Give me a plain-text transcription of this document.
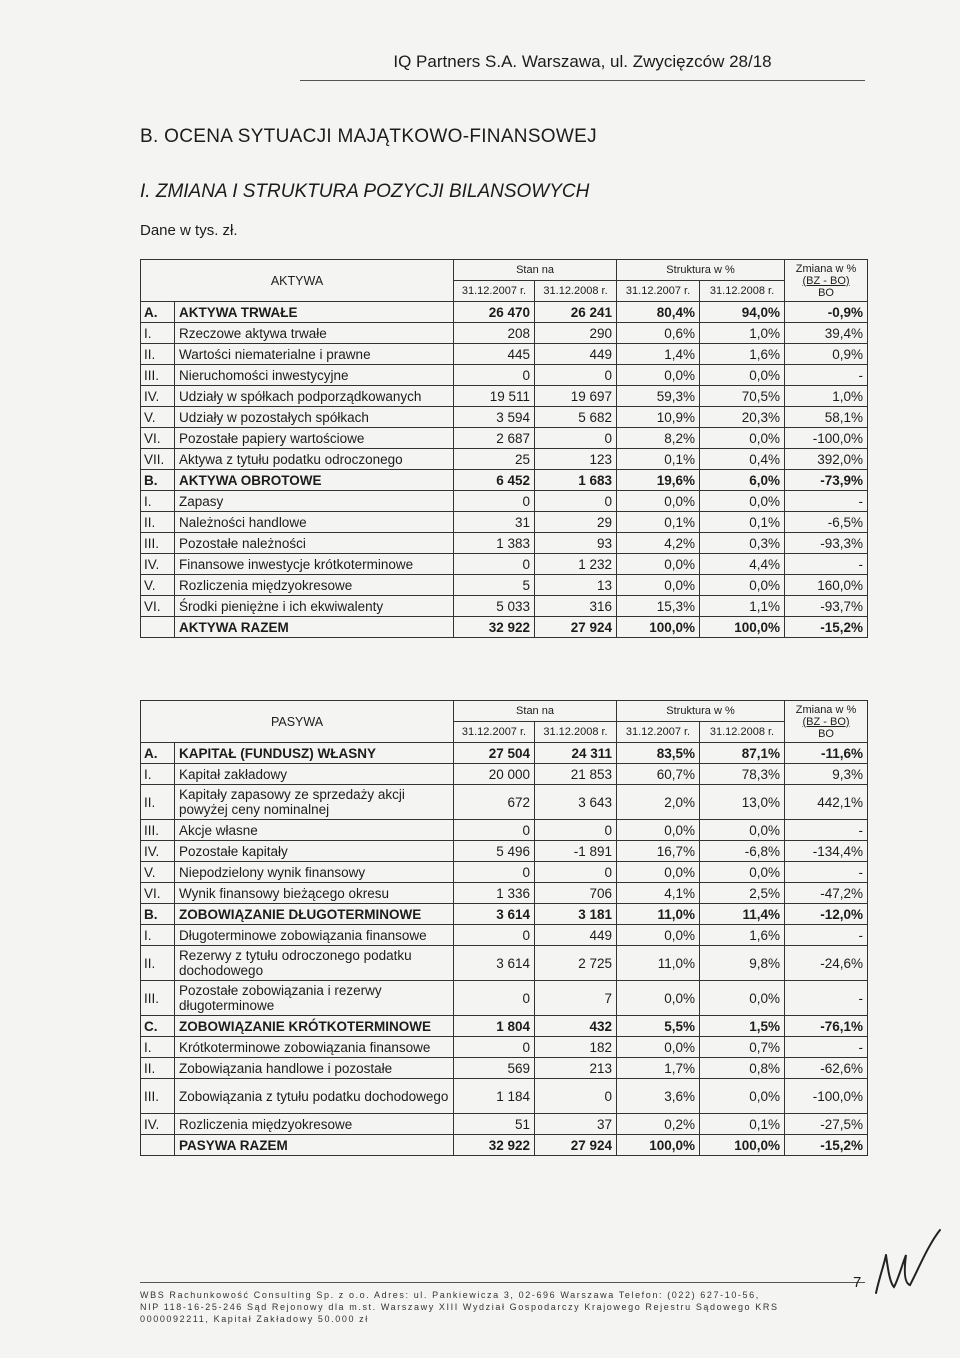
IQ Partners S.A. Warszawa, ul. Zwycięzców 28/18
B. OCENA SYTUACJI MAJĄTKOWO-FINANSOWEJ
I. ZMIANA I STRUKTURA POZYCJI BILANSOWYCH
Dane w tys. zł.
AKTYWA		Stan na		Struktura w %		Zmiana w %
(BZ - BO)
BO
		31.12.2007 r.	31.12.2008 r.	31.12.2007 r.	31.12.2008 r.	
A.	AKTYWA TRWAŁE	26 470	26 241	80,4%	94,0%	-0,9%
I.	Rzeczowe aktywa trwałe	208	290	0,6%	1,0%	39,4%
II.	Wartości niematerialne i prawne	445	449	1,4%	1,6%	0,9%
III.	Nieruchomości inwestycyjne	0	0	0,0%	0,0%	-
IV.	Udziały w spółkach podporządkowanych	19 511	19 697	59,3%	70,5%	1,0%
V.	Udziały w pozostałych spółkach	3 594	5 682	10,9%	20,3%	58,1%
VI.	Pozostałe papiery wartościowe	2 687	0	8,2%	0,0%	-100,0%
VII.	Aktywa z tytułu podatku odroczonego	25	123	0,1%	0,4%	392,0%
B.	AKTYWA OBROTOWE	6 452	1 683	19,6%	6,0%	-73,9%
I.	Zapasy	0	0	0,0%	0,0%	-
II.	Należności handlowe	31	29	0,1%	0,1%	-6,5%
III.	Pozostałe należności	1 383	93	4,2%	0,3%	-93,3%
IV.	Finansowe inwestycje krótkoterminowe	0	1 232	0,0%	4,4%	-
V.	Rozliczenia międzyokresowe	5	13	0,0%	0,0%	160,0%
VI.	Środki pieniężne i ich ekwiwalenty	5 033	316	15,3%	1,1%	-93,7%
	AKTYWA RAZEM	32 922	27 924	100,0%	100,0%	-15,2%
PASYWA		Stan na		Struktura w %		Zmiana w %
(BZ - BO)
BO
		31.12.2007 r.	31.12.2008 r.	31.12.2007 r.	31.12.2008 r.	
A.	KAPITAŁ (FUNDUSZ) WŁASNY	27 504	24 311	83,5%	87,1%	-11,6%
I.	Kapitał zakładowy	20 000	21 853	60,7%	78,3%	9,3%
II.	Kapitały zapasowy ze sprzedaży akcji powyżej ceny nominalnej	672	3 643	2,0%	13,0%	442,1%
III.	Akcje własne	0	0	0,0%	0,0%	-
IV.	Pozostałe kapitały	5 496	-1 891	16,7%	-6,8%	-134,4%
V.	Niepodzielony wynik finansowy	0	0	0,0%	0,0%	-
VI.	Wynik finansowy bieżącego okresu	1 336	706	4,1%	2,5%	-47,2%
B.	ZOBOWIĄZANIE DŁUGOTERMINOWE	3 614	3 181	11,0%	11,4%	-12,0%
I.	Długoterminowe zobowiązania finansowe	0	449	0,0%	1,6%	-
II.	Rezerwy z tytułu odroczonego podatku dochodowego	3 614	2 725	11,0%	9,8%	-24,6%
III.	Pozostałe zobowiązania i rezerwy długoterminowe	0	7	0,0%	0,0%	-
C.	ZOBOWIĄZANIE KRÓTKOTERMINOWE	1 804	432	5,5%	1,5%	-76,1%
I.	Krótkoterminowe zobowiązania finansowe	0	182	0,0%	0,7%	-
II.	Zobowiązania handlowe i pozostałe	569	213	1,7%	0,8%	-62,6%
III.	Zobowiązania z tytułu podatku dochodowego	1 184	0	3,6%	0,0%	-100,0%
IV.	Rozliczenia międzyokresowe	51	37	0,2%	0,1%	-27,5%
	PASYWA RAZEM	32 922	27 924	100,0%	100,0%	-15,2%
WBS Rachunkowość Consulting Sp. z o.o. Adres: ul. Pankiewicza 3, 02-696 Warszawa Telefon: (022) 627-10-56,
NIP 118-16-25-246 Sąd Rejonowy dla m.st. Warszawy XIII Wydział Gospodarczy Krajowego Rejestru Sądowego KRS
0000092211, Kapitał Zakładowy 50.000 zł
7
